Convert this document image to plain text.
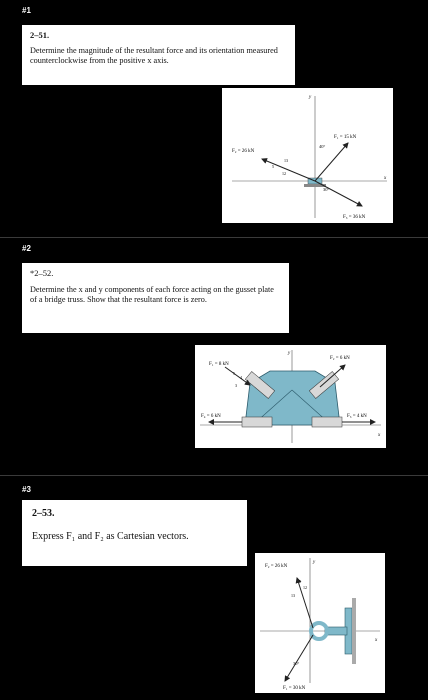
#1
2–51.
Determine the magnitude of the resultant force and its orientation measured counterclockwise from the positive x axis.
y
x
F₁ = 15 kN
40°
F₂ = 26 kN
13
12
5
F₃ = 36 kN
30°
#2
*2–52.
Determine the x and y components of each force acting on the gusset plate of a bridge truss. Show that the resultant force is zero.
y
x
F₁ = 8 kN
5
4
3
F₂ = 6 kN
F₃ = 4 kN
F₄ = 6 kN
#3
2–53.
Express F₁ and F₂ as Cartesian vectors.
y
x
F₂ = 26 kN
13
12
5
F₁ = 30 kN
30°
